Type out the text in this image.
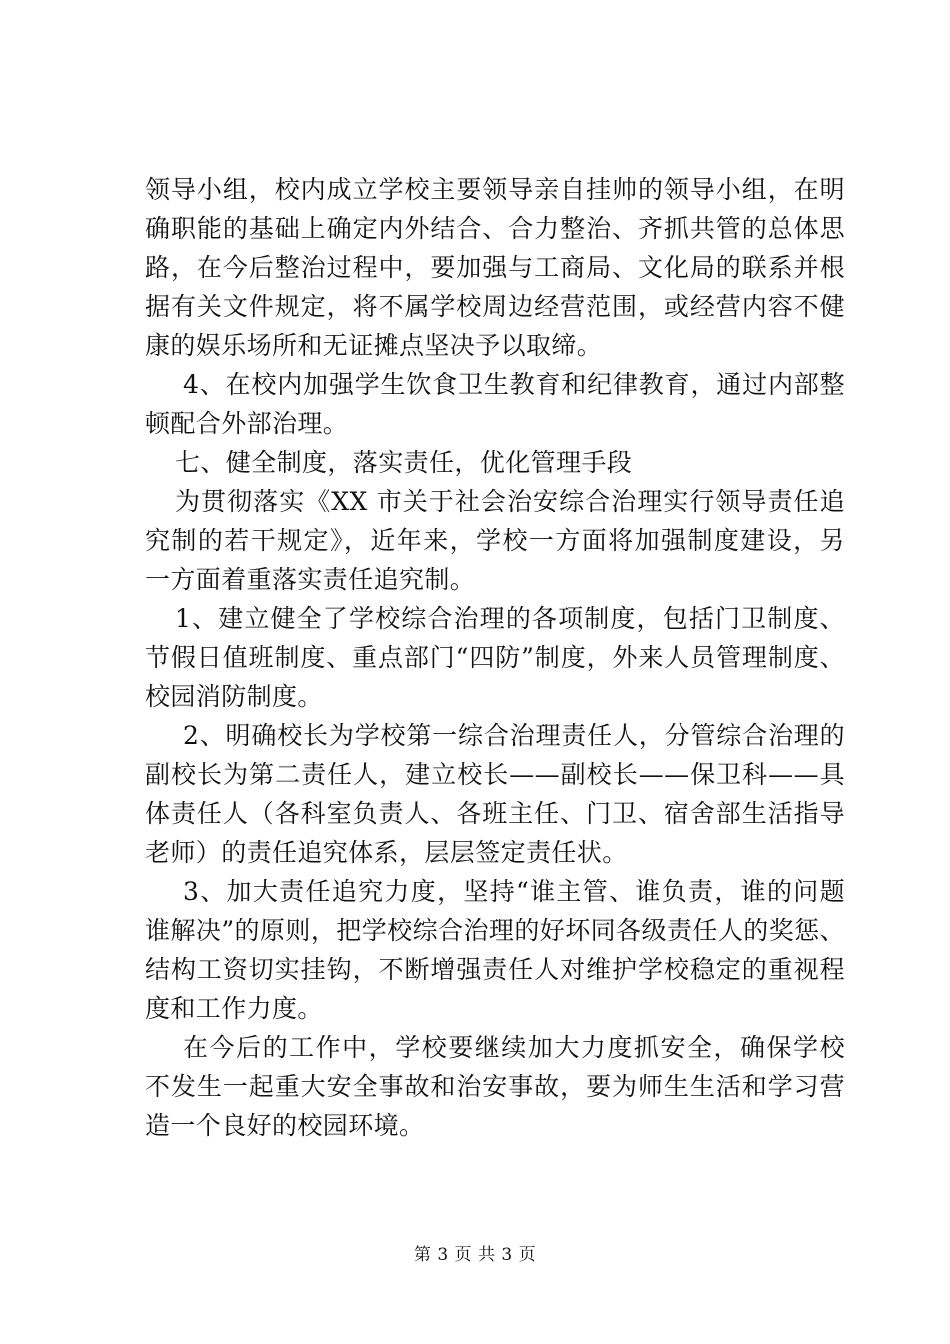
领导小组，校内成立学校主要领导亲自挂帅的领导小组，在明
确职能的基础上确定内外结合、合力整治、齐抓共管的总体思
路，在今后整治过程中，要加强与工商局、文化局的联系并根
据有关文件规定，将不属学校周边经营范围，或经营内容不健
康的娱乐场所和无证摊点坚决予以取缔。
4、在校内加强学生饮食卫生教育和纪律教育，通过内部整
顿配合外部治理。
七、健全制度，落实责任，优化管理手段
为贯彻落实《XX 市关于社会治安综合治理实行领导责任追
究制的若干规定》，近年来，学校一方面将加强制度建设，另
一方面着重落实责任追究制。
1、建立健全了学校综合治理的各项制度，包括门卫制度、
节假日值班制度、重点部门“四防”制度，外来人员管理制度、
校园消防制度。
2、明确校长为学校第一综合治理责任人，分管综合治理的
副校长为第二责任人，建立校长——副校长——保卫科——具
体责任人（各科室负责人、各班主任、门卫、宿舍部生活指导
老师）的责任追究体系，层层签定责任状。
3、加大责任追究力度，坚持“谁主管、谁负责，谁的问题
谁解决”的原则，把学校综合治理的好坏同各级责任人的奖惩、
结构工资切实挂钩，不断增强责任人对维护学校稳定的重视程
度和工作力度。
在今后的工作中，学校要继续加大力度抓安全，确保学校
不发生一起重大安全事故和治安事故，要为师生生活和学习营
造一个良好的校园环境。
第 3 页 共 3 页
